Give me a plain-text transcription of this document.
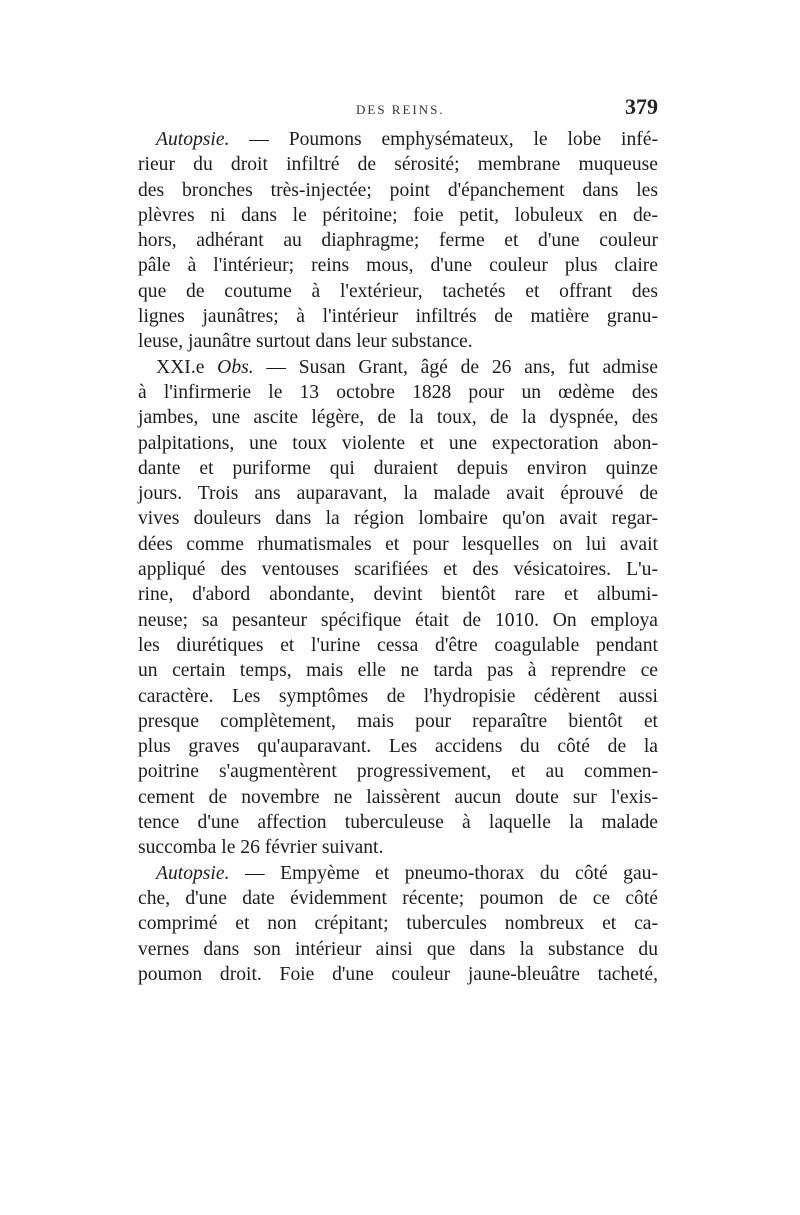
DES REINS.	379
Autopsie. — Poumons emphysémateux, le lobe infé-
rieur du droit infiltré de sérosité; membrane muqueuse
des bronches très-injectée; point d'épanchement dans les
plèvres ni dans le péritoine; foie petit, lobuleux en de-
hors, adhérant au diaphragme; ferme et d'une couleur
pâle à l'intérieur; reins mous, d'une couleur plus claire
que de coutume à l'extérieur, tachetés et offrant des
lignes jaunâtres; à l'intérieur infiltrés de matière granu-
leuse, jaunâtre surtout dans leur substance.
XXI.e Obs. — Susan Grant, âgé de 26 ans, fut admise
à l'infirmerie le 13 octobre 1828 pour un œdème des
jambes, une ascite légère, de la toux, de la dyspnée, des
palpitations, une toux violente et une expectoration abon-
dante et puriforme qui duraient depuis environ quinze
jours. Trois ans auparavant, la malade avait éprouvé de
vives douleurs dans la région lombaire qu'on avait regar-
dées comme rhumatismales et pour lesquelles on lui avait
appliqué des ventouses scarifiées et des vésicatoires. L'u-
rine, d'abord abondante, devint bientôt rare et albumi-
neuse; sa pesanteur spécifique était de 1010. On employa
les diurétiques et l'urine cessa d'être coagulable pendant
un certain temps, mais elle ne tarda pas à reprendre ce
caractère. Les symptômes de l'hydropisie cédèrent aussi
presque complètement, mais pour reparaître bientôt et
plus graves qu'auparavant. Les accidens du côté de la
poitrine s'augmentèrent progressivement, et au commen-
cement de novembre ne laissèrent aucun doute sur l'exis-
tence d'une affection tuberculeuse à laquelle la malade
succomba le 26 février suivant.
Autopsie. — Empyème et pneumo-thorax du côté gau-
che, d'une date évidemment récente; poumon de ce côté
comprimé et non crépitant; tubercules nombreux et ca-
vernes dans son intérieur ainsi que dans la substance du
poumon droit. Foie d'une couleur jaune-bleuâtre tacheté,
